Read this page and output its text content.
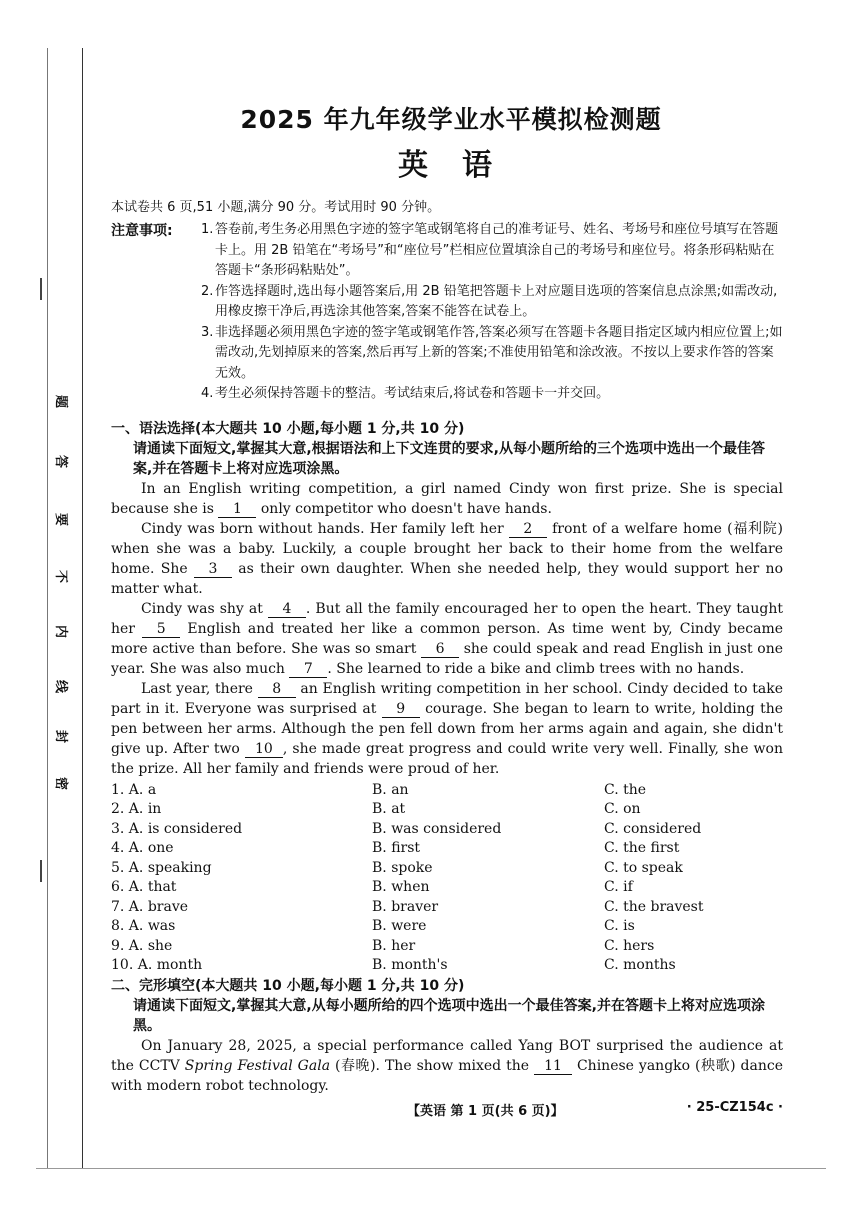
题
答
要
不
内
线
封
密
2025 年九年级学业水平模拟检测题
英语

本试卷共 6 页,51 小题,满分 90 分。考试用时 90 分钟。

注意事项:	1. 答卷前,考生务必用黑色字迹的签字笔或钢笔将自己的准考证号、姓名、考场号和座位号填写在答题卡上。用 2B 铅笔在“考场号”和“座位号”栏相应位置填涂自己的考场号和座位号。将条形码粘贴在答题卡“条形码粘贴处”。
2. 作答选择题时,选出每小题答案后,用 2B 铅笔把答题卡上对应题目选项的答案信息点涂黑;如需改动,用橡皮擦干净后,再选涂其他答案,答案不能答在试卷上。
3. 非选择题必须用黑色字迹的签字笔或钢笔作答,答案必须写在答题卡各题目指定区域内相应位置上;如需改动,先划掉原来的答案,然后再写上新的答案;不准使用铅笔和涂改液。不按以上要求作答的答案无效。
4. 考生必须保持答题卡的整洁。考试结束后,将试卷和答题卡一并交回。

一、语法选择(本大题共 10 小题,每小题 1 分,共 10 分)

请通读下面短文,掌握其大意,根据语法和上下文连贯的要求,从每小题所给的三个选项中选出一个最佳答案,并在答题卡上将对应选项涂黑。

In an English writing competition, a girl named Cindy won first prize. She is special because she is 1 only competitor who doesn't have hands.

Cindy was born without hands. Her family left her 2 front of a welfare home (福利院) when she was a baby. Luckily, a couple brought her back to their home from the welfare home. She 3 as their own daughter. When she needed help, they would support her no matter what.

Cindy was shy at 4 . But all the family encouraged her to open the heart. They taught her 5 English and treated her like a common person. As time went by, Cindy became more active than before. She was so smart 6 she could speak and read English in just one year. She was also much 7 . She learned to ride a bike and climb trees with no hands.

Last year, there 8 an English writing competition in her school. Cindy decided to take part in it. Everyone was surprised at 9 courage. She began to learn to write, holding the pen between her arms. Although the pen fell down from her arms again and again, she didn't give up. After two 10 , she made great progress and could write very well. Finally, she won the prize. All her family and friends were proud of her.

1. A. a	B. an	C. the
2. A. in	B. at	C. on
3. A. is considered	B. was considered	C. considered
4. A. one	B. first	C. the first
5. A. speaking	B. spoke	C. to speak
6. A. that	B. when	C. if
7. A. brave	B. braver	C. the bravest
8. A. was	B. were	C. is
9. A. she	B. her	C. hers
10. A. month	B. month's	C. months

二、完形填空(本大题共 10 小题,每小题 1 分,共 10 分)

请通读下面短文,掌握其大意,从每小题所给的四个选项中选出一个最佳答案,并在答题卡上将对应选项涂黑。

On January 28, 2025, a special performance called Yang BOT surprised the audience at the CCTV Spring Festival Gala (春晚). The show mixed the 11 Chinese yangko (秧歌) dance with modern robot technology.

【英语 第 1 页(共 6 页)】	· 25-CZ154c ·
